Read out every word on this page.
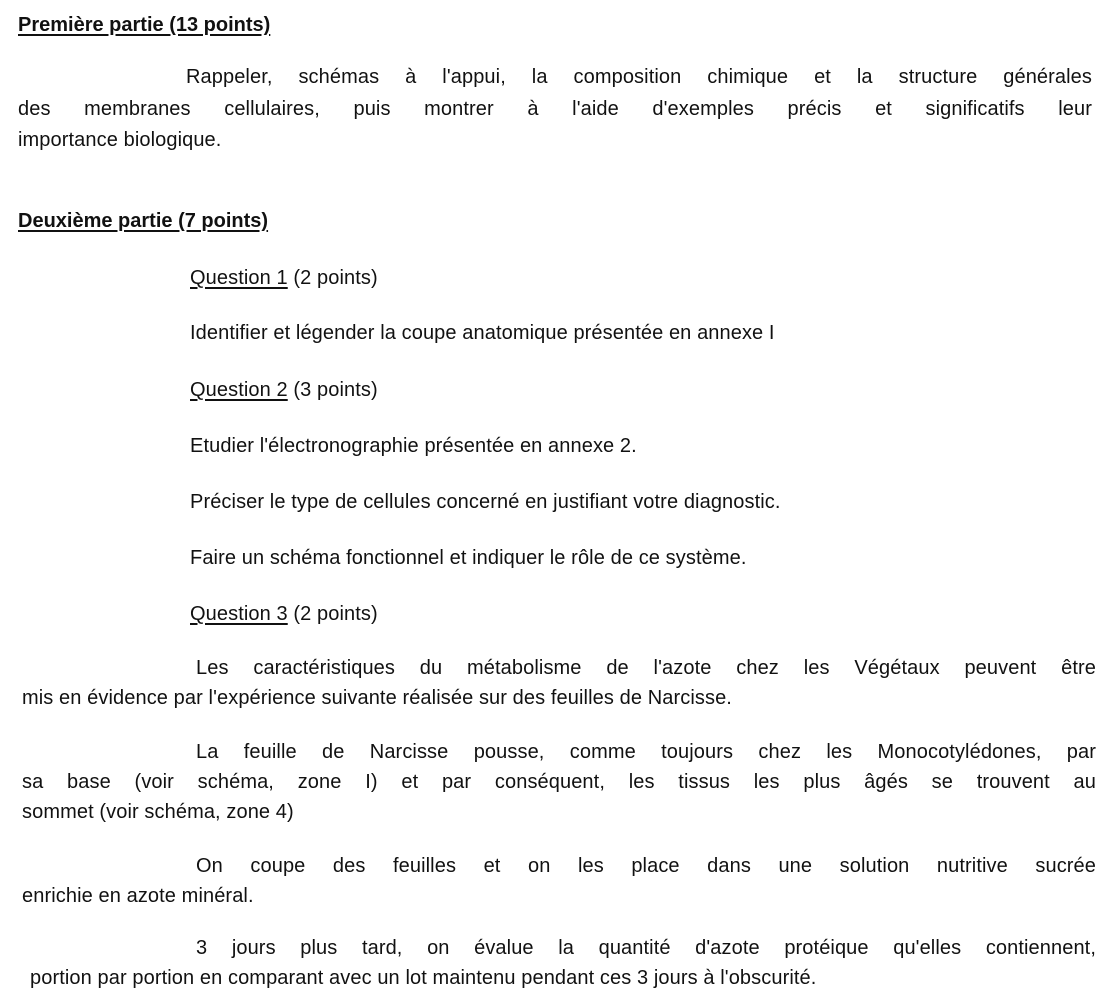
Première partie (13 points)
Rappeler, schémas à l'appui, la composition chimique et la structure générales
des membranes cellulaires, puis montrer à l'aide d'exemples précis et significatifs leur
importance biologique.
Deuxième partie (7 points)
Question 1 (2 points)
Identifier et légender la coupe anatomique présentée en annexe I
Question 2 (3 points)
Etudier l'électronographie présentée en annexe 2.
Préciser le type de cellules concerné en justifiant votre diagnostic.
Faire un schéma fonctionnel et indiquer le rôle de ce système.
Question 3 (2 points)
Les caractéristiques du métabolisme de l'azote chez les Végétaux peuvent être
mis en évidence par l'expérience suivante réalisée sur des feuilles de Narcisse.
La feuille de Narcisse pousse, comme toujours chez les Monocotylédones, par
sa base (voir schéma, zone I) et par conséquent, les tissus les plus âgés se trouvent au
sommet (voir schéma, zone 4)
On coupe des feuilles et on les place dans une solution nutritive sucrée
enrichie en azote minéral.
3 jours plus tard, on évalue la quantité d'azote protéique qu'elles contiennent,
portion par portion en comparant avec un lot maintenu pendant ces 3 jours à l'obscurité.
